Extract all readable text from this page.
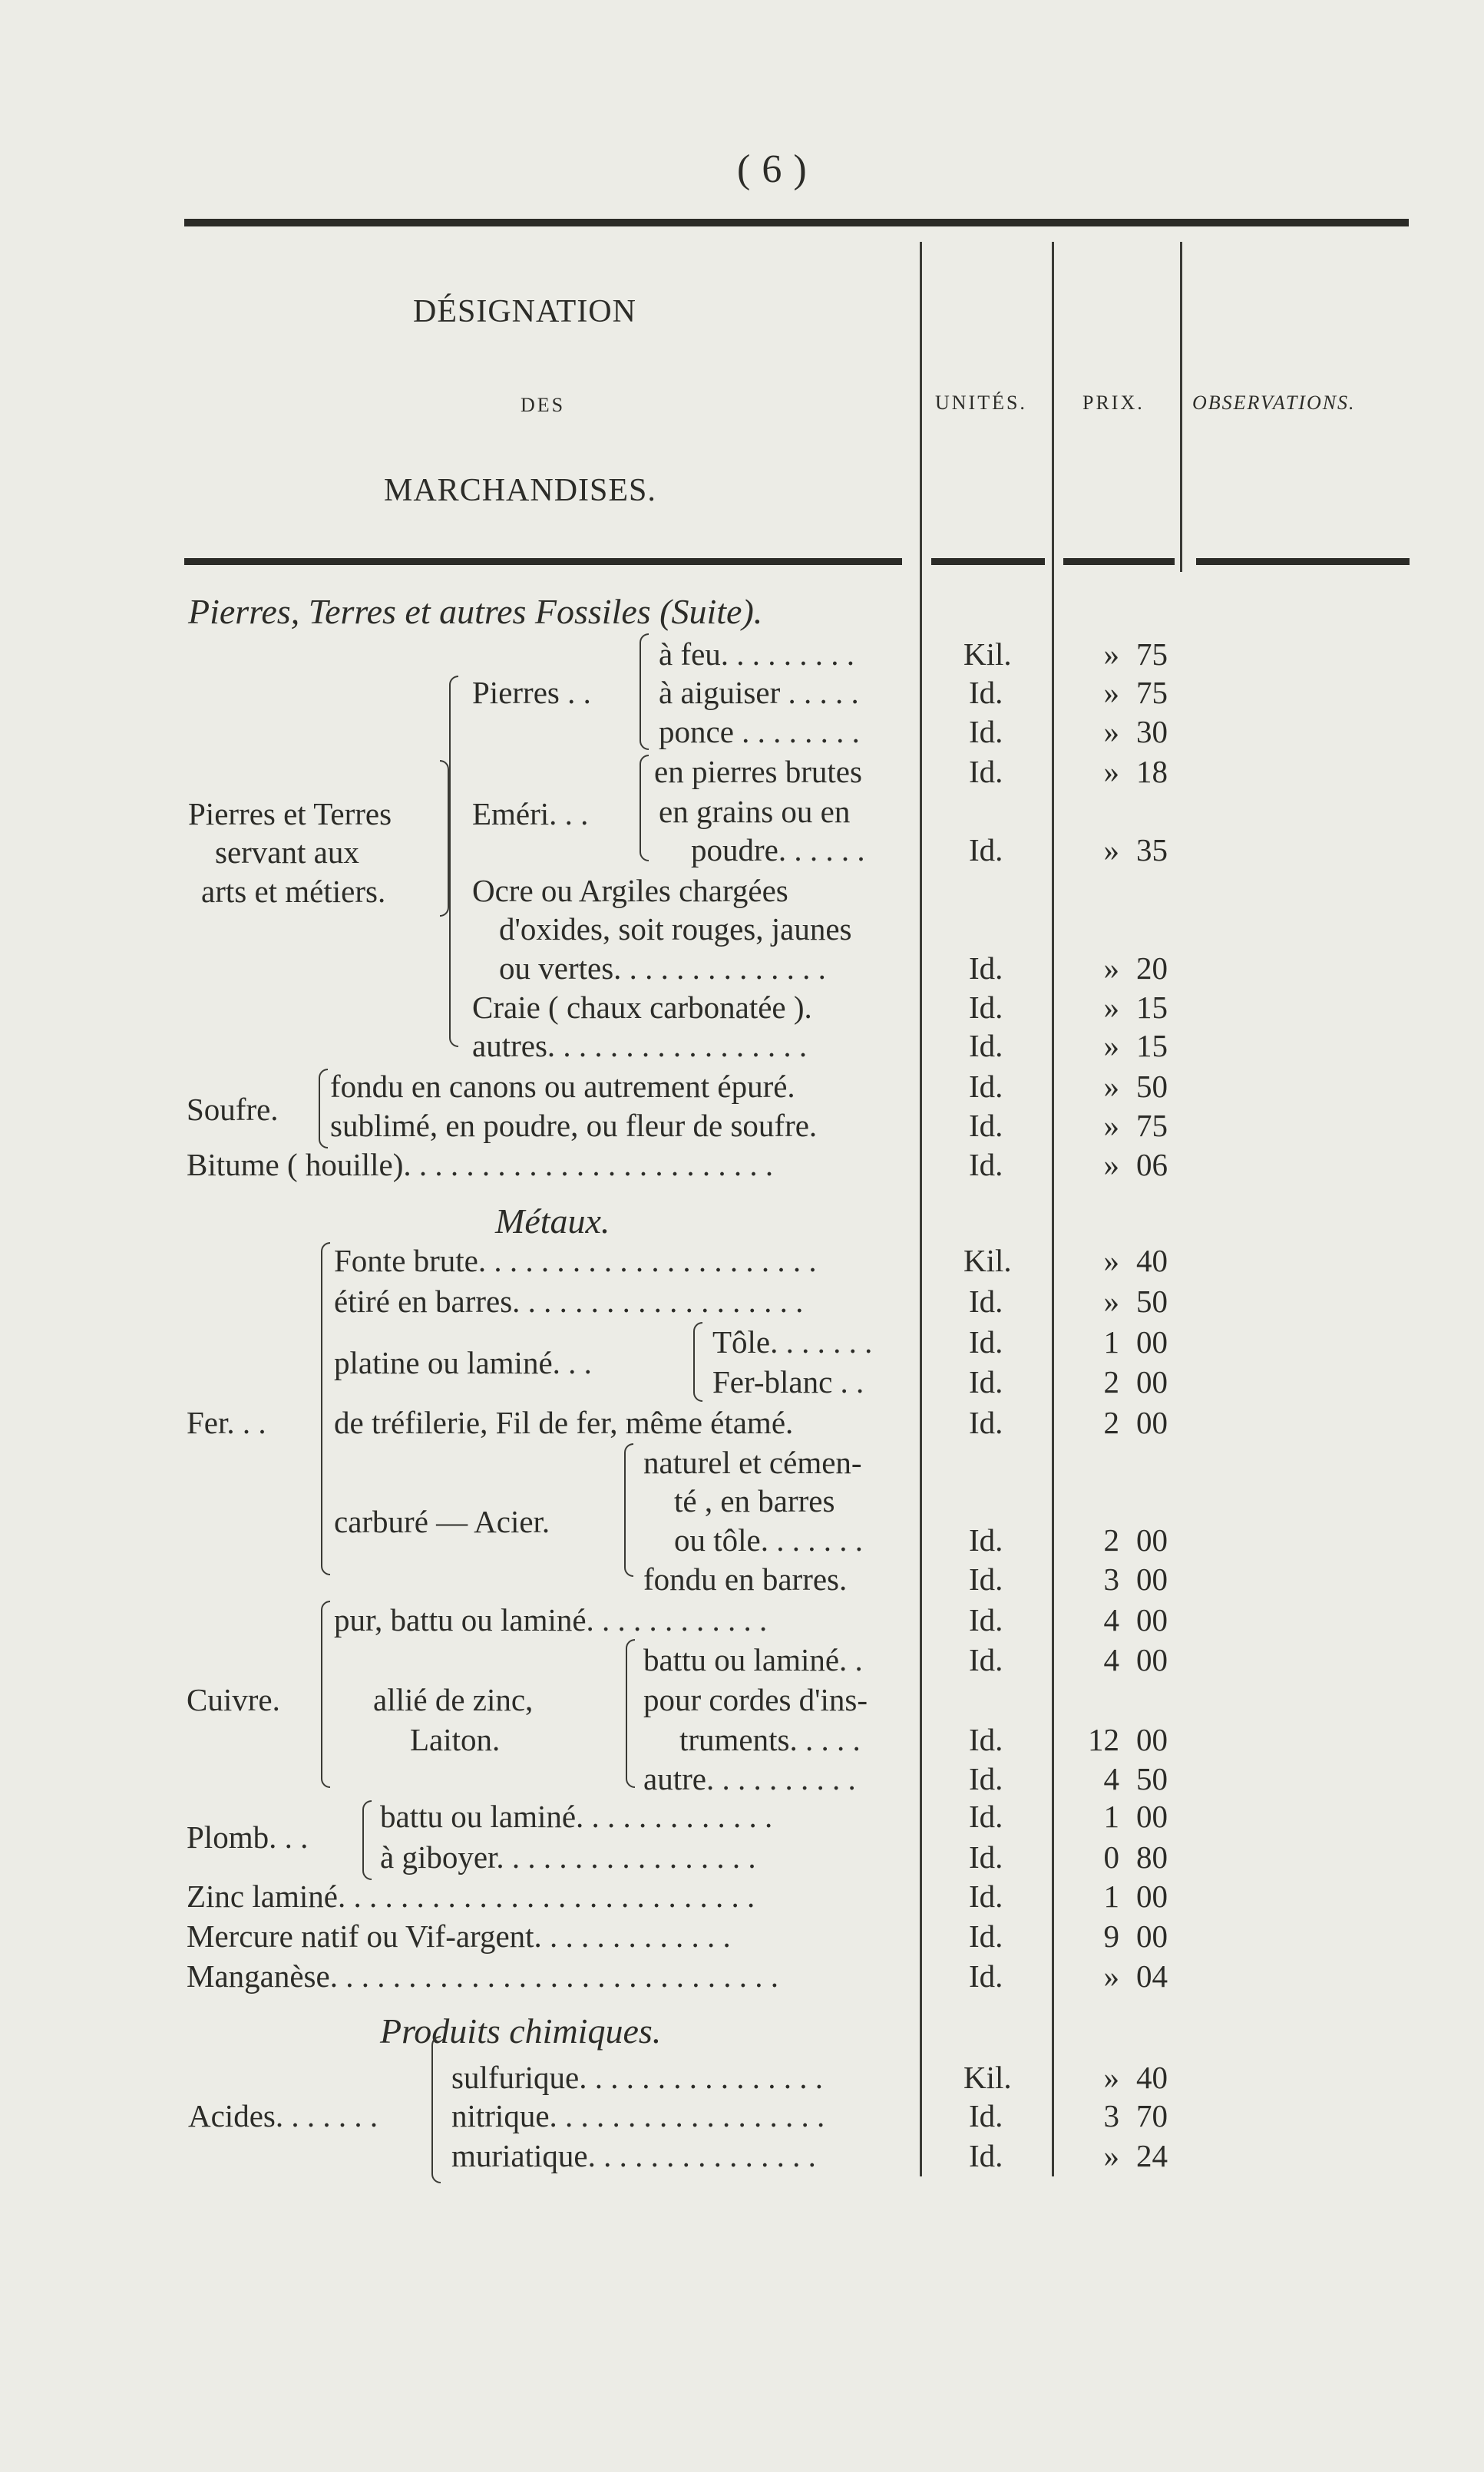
( 6 )
DÉSIGNATION
DES
MARCHANDISES.
UNITÉS.	PRIX. OBSERVATIONS.
Pierres, Terres et autres Fossiles (Suite).
Métaux.
Produits chimiques.
Pierres et Terres
servant aux
arts et métiers.
Pierres . .
Eméri. . .
Soufre.
Fer. . .
platine ou laminé. . .
carburé — Acier.
Cuivre.	allié de zinc,
Laiton.
Plomb. . .
Acides. . . . . . .
à feu. . . . . . . . .
à aiguiser . . . . .
ponce . . . . . . . .
en pierres brutes
en grains ou en
poudre. . . . . .
Ocre ou Argiles chargées
d'oxides, soit rouges, jaunes
ou vertes. . . . . . . . . . . . . .
Craie ( chaux carbonatée ).
autres. . . . . . . . . . . . . . . . .
fondu en canons ou autrement épuré.
sublimé, en poudre, ou fleur de soufre.
Bitume ( houille). . . . . . . . . . . . . . . . . . . . . . . .
Fonte brute. . . . . . . . . . . . . . . . . . . . . .
étiré en barres. . . . . . . . . . . . . . . . . . .
Tôle. . . . . . .
Fer-blanc . .
de tréfilerie, Fil de fer, même étamé.
naturel et cémen-
té , en barres
ou tôle. . . . . . .
fondu en barres.
pur, battu ou laminé. . . . . . . . . . . .
battu ou laminé. .
pour cordes d'ins-
truments. . . . .
autre. . . . . . . . . .
battu ou laminé. . . . . . . . . . . . .
à giboyer. . . . . . . . . . . . . . . . .
Zinc laminé. . . . . . . . . . . . . . . . . . . . . . . . . . .
Mercure natif ou Vif-argent. . . . . . . . . . . . .
Manganèse. . . . . . . . . . . . . . . . . . . . . . . . . . . . .
sulfurique. . . . . . . . . . . . . . . .
nitrique. . . . . . . . . . . . . . . . . .
muriatique. . . . . . . . . . . . . . .
Kil.
Id.
Id.
Id.
Id.
Id.
Id.
Id.
Id.
Id.
Id.
Kil.
Id.
Id.
Id.
Id.
Id.
Id.
Id.
Id.
Id.
Id.
Id.
Id.
Id.
Id.
Id.
Kil.
Id.
Id.
»
»
»
»
»
»
»
»
»
»
»
»
»
1
2
2
2
3
4
4
12
4
1
0
1
9
»
»
3
»
75
75
30
18
35
20
15
15
50
75
06
40
50
00
00
00
00
00
00
00
00
50
00
80
00
00
04
40
70
24
